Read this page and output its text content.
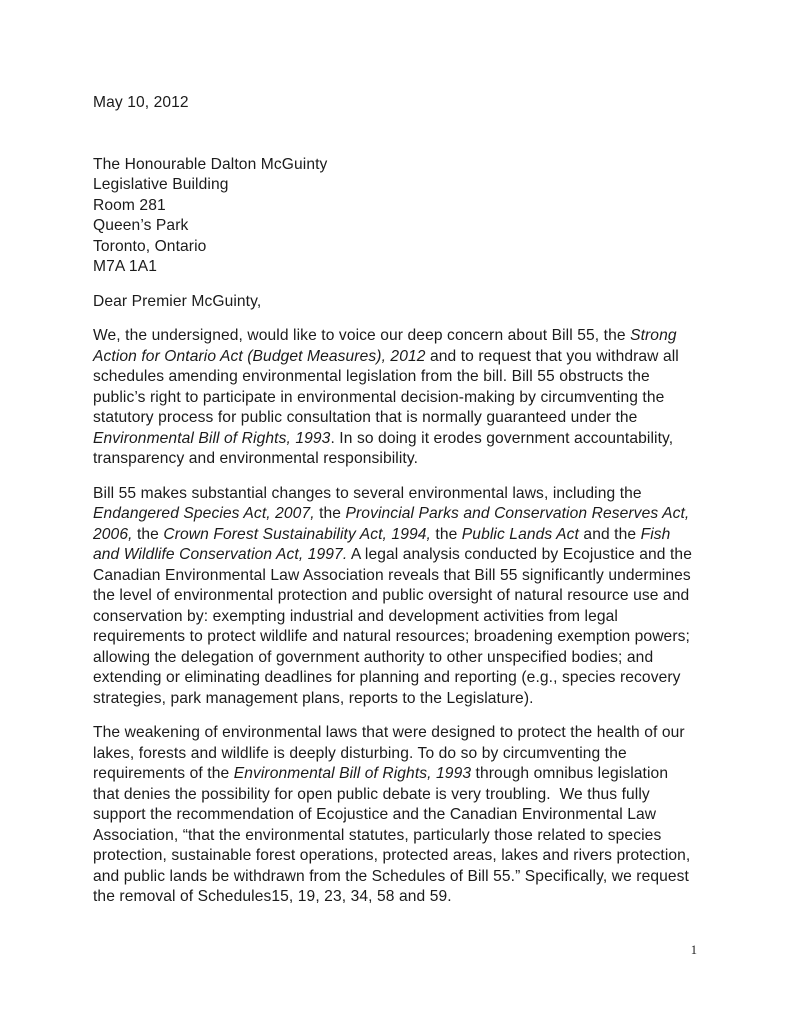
May 10, 2012
The Honourable Dalton McGuinty
Legislative Building
Room 281
Queen’s Park
Toronto, Ontario
M7A 1A1
Dear Premier McGuinty,

We, the undersigned, would like to voice our deep concern about Bill 55, the Strong Action for Ontario Act (Budget Measures), 2012 and to request that you withdraw all schedules amending environmental legislation from the bill. Bill 55 obstructs the public’s right to participate in environmental decision-making by circumventing the statutory process for public consultation that is normally guaranteed under the Environmental Bill of Rights, 1993. In so doing it erodes government accountability, transparency and environmental responsibility.

Bill 55 makes substantial changes to several environmental laws, including the Endangered Species Act, 2007, the Provincial Parks and Conservation Reserves Act, 2006, the Crown Forest Sustainability Act, 1994, the Public Lands Act and the Fish and Wildlife Conservation Act, 1997. A legal analysis conducted by Ecojustice and the Canadian Environmental Law Association reveals that Bill 55 significantly undermines the level of environmental protection and public oversight of natural resource use and conservation by: exempting industrial and development activities from legal requirements to protect wildlife and natural resources; broadening exemption powers; allowing the delegation of government authority to other unspecified bodies; and extending or eliminating deadlines for planning and reporting (e.g., species recovery strategies, park management plans, reports to the Legislature).

The weakening of environmental laws that were designed to protect the health of our lakes, forests and wildlife is deeply disturbing. To do so by circumventing the requirements of the Environmental Bill of Rights, 1993 through omnibus legislation that denies the possibility for open public debate is very troubling.  We thus fully support the recommendation of Ecojustice and the Canadian Environmental Law Association, “that the environmental statutes, particularly those related to species protection, sustainable forest operations, protected areas, lakes and rivers protection, and public lands be withdrawn from the Schedules of Bill 55.” Specifically, we request the removal of Schedules15, 19, 23, 34, 58 and 59.

1
